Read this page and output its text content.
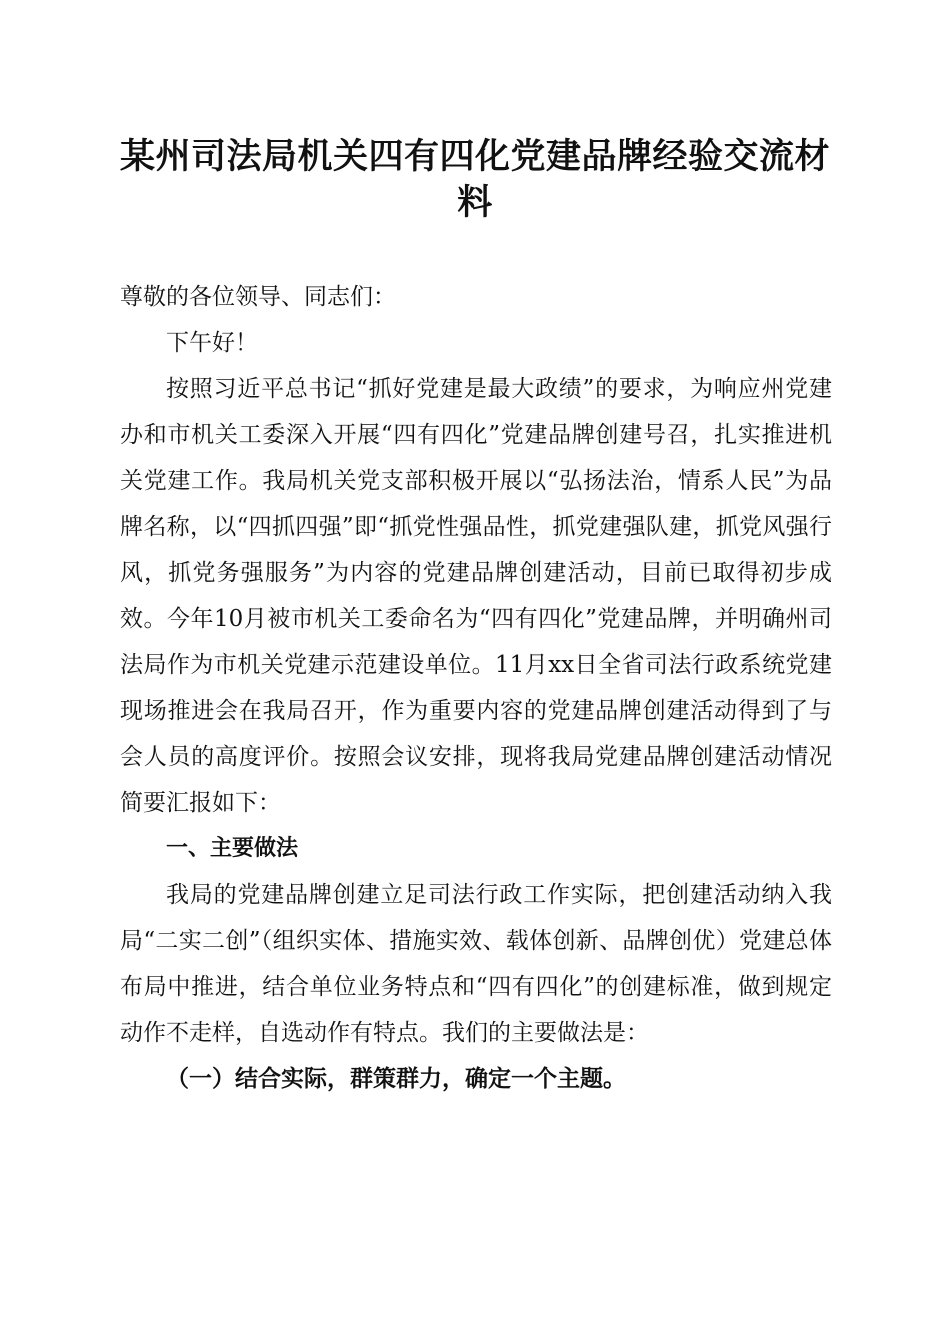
某州司法局机关四有四化党建品牌经验交流材料

尊敬的各位领导、同志们：

下午好！

按照习近平总书记“抓好党建是最大政绩”的要求，为响应州党建办和市机关工委深入开展“四有四化”党建品牌创建号召，扎实推进机关党建工作。我局机关党支部积极开展以“弘扬法治，情系人民”为品牌名称，以“四抓四强”即“抓党性强品性，抓党建强队建，抓党风强行风，抓党务强服务”为内容的党建品牌创建活动，目前已取得初步成效。今年10月被市机关工委命名为“四有四化”党建品牌，并明确州司法局作为市机关党建示范建设单位。11月xx日全省司法行政系统党建现场推进会在我局召开，作为重要内容的党建品牌创建活动得到了与会人员的高度评价。按照会议安排，现将我局党建品牌创建活动情况简要汇报如下：

一、主要做法

我局的党建品牌创建立足司法行政工作实际，把创建活动纳入我局“二实二创”（组织实体、措施实效、载体创新、品牌创优）党建总体布局中推进，结合单位业务特点和“四有四化”的创建标准，做到规定动作不走样，自选动作有特点。我们的主要做法是：

（一）结合实际，群策群力，确定一个主题。
